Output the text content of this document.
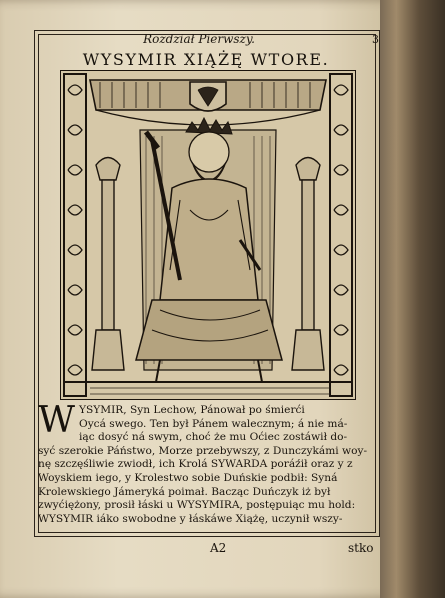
Rozdział Pierwszy.	3
WYSYMIR XIĄŻĘ WTORE.
W YSYMIR, Syn Lechow, Pánował po śmierći
Oycá swego. Ten był Pánem walecznym; á nie má-
iąc dosyć ná swym, choć że mu Oćiec zostáwił do-
syć szerokie Páństwo, Morze przebywszy, z Dunczykámi woy-
nę szczęśliwie zwiodł, ich Krolá SYWARDA poráźił oraz y z
Woyskiem iego, y Krolestwo sobie Duńskie podbił: Syná
Krolewskiego Jámeryká poimał. Bacząc Duńczyk iż był
zwyćiężony, prosił łáski u WYSYMIRA, postępuiąc mu hold:
WYSYMIR iáko swobodne y łáskáwe Xiążę, uczynił wszy-
A2	stko
